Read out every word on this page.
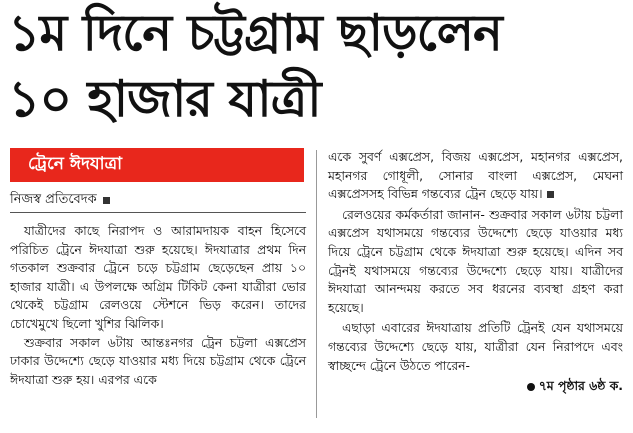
১ম দিনে চট্টগ্রাম ছাড়লেন
১০ হাজার যাত্রী
ট্রেনে ঈদযাত্রা
নিজস্ব প্রতিবেদক

যাত্রীদের কাছে নিরাপদ ও আরামদায়ক বাহন হিসেবে পরিচিত ট্রেনে ঈদযাত্রা শুরু হয়েছে। ঈদযাত্রার প্রথম দিন গতকাল শুক্রবার ট্রেনে চড়ে চট্টগ্রাম ছেড়েছেন প্রায় ১০ হাজার যাত্রী। এ উপলক্ষে অগ্রিম টিকিট কেনা যাত্রীরা ভোর থেকেই চট্টগ্রাম রেলওয়ে স্টেশনে ভিড় করেন। তাদের চোখেমুখে ছিলো খুশির ঝিলিক।

শুক্রবার সকাল ৬টায় আন্তঃনগর ট্রেন চট্টলা এক্সপ্রেস ঢাকার উদ্দেশ্যে ছেড়ে যাওয়ার মধ্য দিয়ে চট্টগ্রাম থেকে ট্রেনে ঈদযাত্রা শুরু হয়। এরপর একে

একে সুবর্ণ এক্সপ্রেস, বিজয় এক্সপ্রেস, মহানগর এক্সপ্রেস, মহানগর গোধূলী, সোনার বাংলা এক্সপ্রেস, মেঘনা এক্সপ্রেসসহ বিভিন্ন গন্তব্যের ট্রেন ছেড়ে যায়।

রেলওয়ের কর্মকর্তারা জানান- শুক্রবার সকাল ৬টায় চট্টলা এক্সপ্রেস যথাসময়ে গন্তব্যের উদ্দেশ্যে ছেড়ে যাওয়ার মধ্য দিয়ে ট্রেনে চট্টগ্রাম থেকে ঈদযাত্রা শুরু হয়েছে। এদিন সব ট্রেনই যথাসময়ে গন্তব্যের উদ্দেশ্যে ছেড়ে যায়। যাত্রীদের ঈদযাত্রা আনন্দময় করতে সব ধরনের ব্যবস্থা গ্রহণ করা হয়েছে।

এছাড়া এবারের ঈদযাত্রায় প্রতিটি ট্রেনই যেন যথাসময়ে গন্তব্যের উদ্দেশ্যে ছেড়ে যায়, যাত্রীরা যেন নিরাপদে এবং স্বাচ্ছন্দে ট্রেনে উঠতে পারেন-

৭ম পৃষ্ঠার ৬ষ্ঠ ক.
